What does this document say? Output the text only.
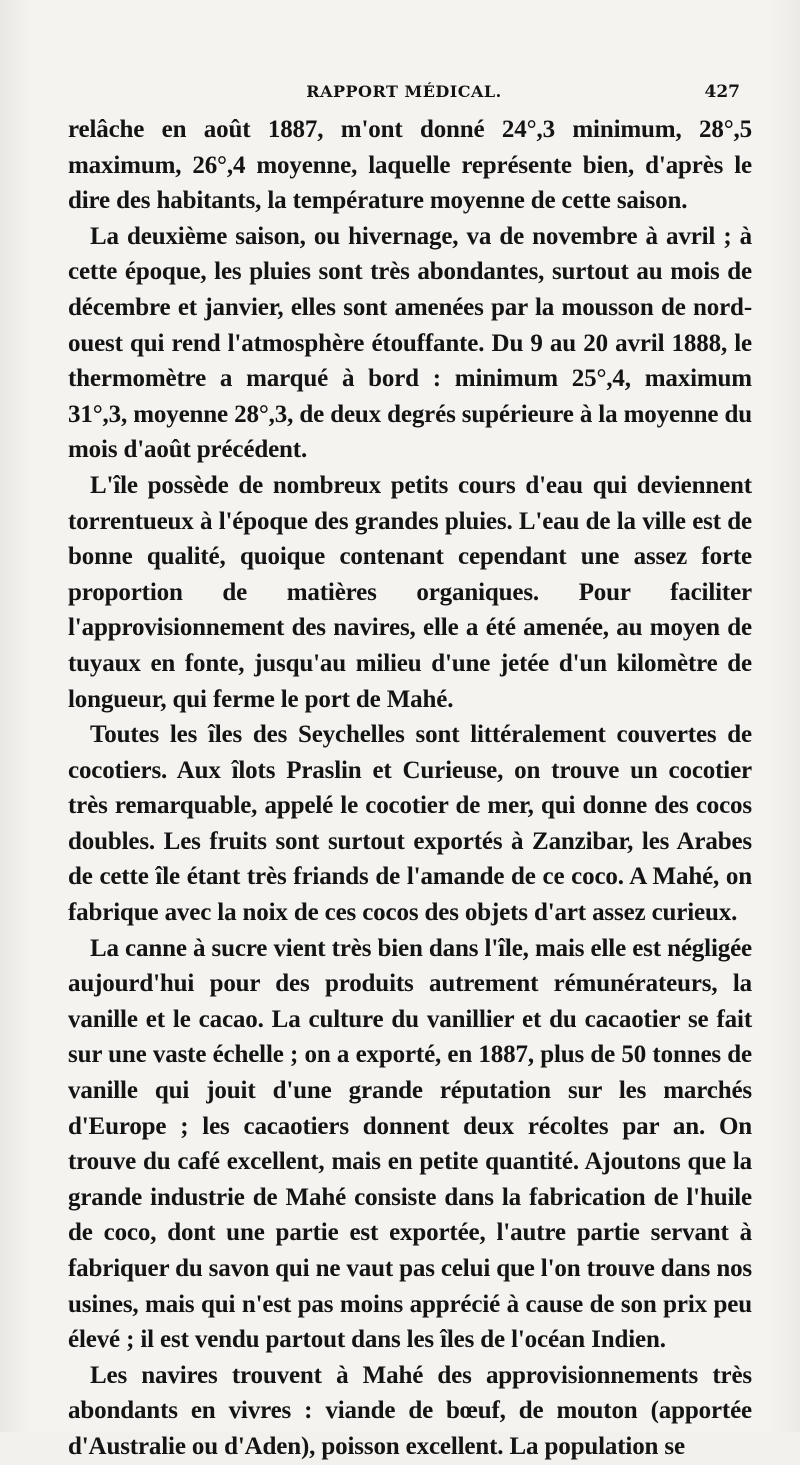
RAPPORT MÉDICAL.	427

relâche en août 1887, m'ont donné 24°,3 minimum, 28°,5 maximum, 26°,4 moyenne, laquelle représente bien, d'après le dire des habitants, la température moyenne de cette saison.

La deuxième saison, ou hivernage, va de novembre à avril ; à cette époque, les pluies sont très abondantes, surtout au mois de décembre et janvier, elles sont amenées par la mousson de nord-ouest qui rend l'atmosphère étouffante. Du 9 au 20 avril 1888, le thermomètre a marqué à bord : minimum 25°,4, maximum 31°,3, moyenne 28°,3, de deux degrés supérieure à la moyenne du mois d'août précédent.

L'île possède de nombreux petits cours d'eau qui deviennent torrentueux à l'époque des grandes pluies. L'eau de la ville est de bonne qualité, quoique contenant cependant une assez forte proportion de matières organiques. Pour faciliter l'approvisionnement des navires, elle a été amenée, au moyen de tuyaux en fonte, jusqu'au milieu d'une jetée d'un kilomètre de longueur, qui ferme le port de Mahé.

Toutes les îles des Seychelles sont littéralement couvertes de cocotiers. Aux îlots Praslin et Curieuse, on trouve un cocotier très remarquable, appelé le cocotier de mer, qui donne des cocos doubles. Les fruits sont surtout exportés à Zanzibar, les Arabes de cette île étant très friands de l'amande de ce coco. A Mahé, on fabrique avec la noix de ces cocos des objets d'art assez curieux.

La canne à sucre vient très bien dans l'île, mais elle est négligée aujourd'hui pour des produits autrement rémunérateurs, la vanille et le cacao. La culture du vanillier et du cacaotier se fait sur une vaste échelle ; on a exporté, en 1887, plus de 50 tonnes de vanille qui jouit d'une grande réputation sur les marchés d'Europe ; les cacaotiers donnent deux récoltes par an. On trouve du café excellent, mais en petite quantité. Ajoutons que la grande industrie de Mahé consiste dans la fabrication de l'huile de coco, dont une partie est exportée, l'autre partie servant à fabriquer du savon qui ne vaut pas celui que l'on trouve dans nos usines, mais qui n'est pas moins apprécié à cause de son prix peu élevé ; il est vendu partout dans les îles de l'océan Indien.

Les navires trouvent à Mahé des approvisionnements très abondants en vivres : viande de bœuf, de mouton (apportée d'Australie ou d'Aden), poisson excellent. La population se
